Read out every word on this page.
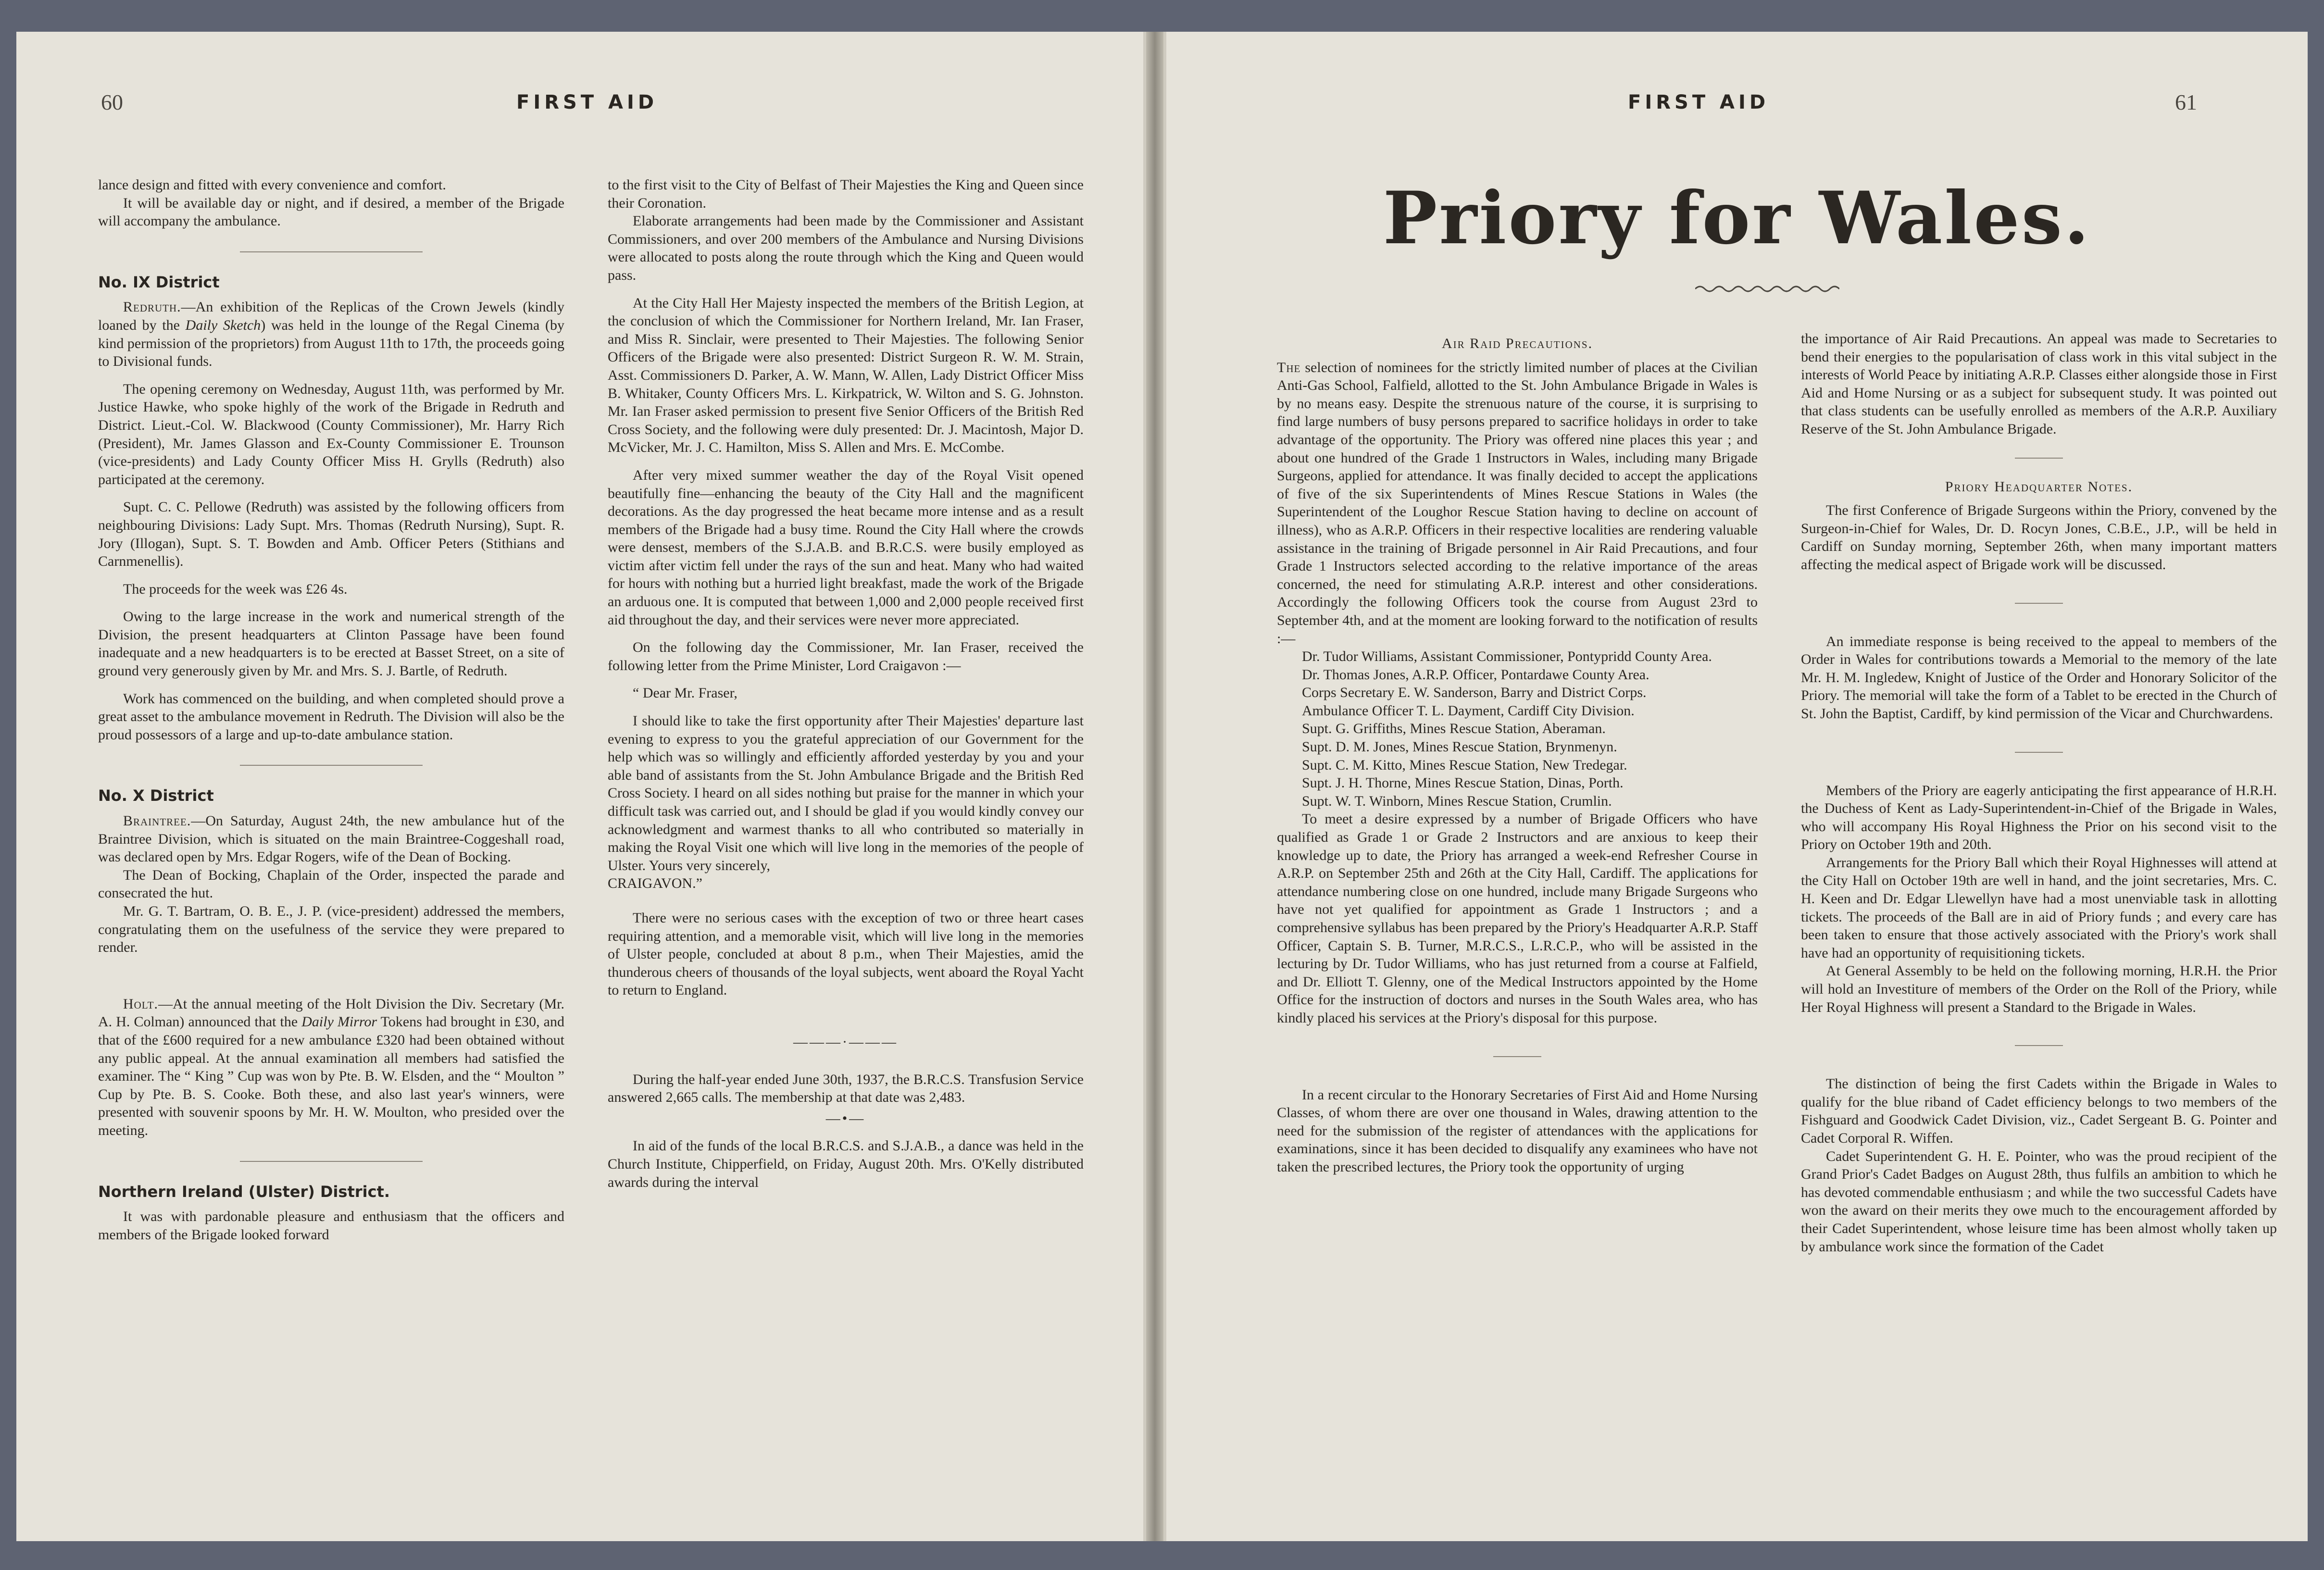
60	FIRST AID

lance design and fitted with every convenience and comfort.

It will be available day or night, and if desired, a member of the Brigade will accompany the ambulance.

No. IX District

Redruth.—An exhibition of the Replicas of the Crown Jewels (kindly loaned by the Daily Sketch) was held in the lounge of the Regal Cinema (by kind permission of the proprietors) from August 11th to 17th, the proceeds going to Divisional funds.

The opening ceremony on Wednesday, August 11th, was performed by Mr. Justice Hawke, who spoke highly of the work of the Brigade in Redruth and District. Lieut.-Col. W. Blackwood (County Commissioner), Mr. Harry Rich (President), Mr. James Glasson and Ex-County Commissioner E. Trounson (vice-presidents) and Lady County Officer Miss H. Grylls (Redruth) also participated at the ceremony.

Supt. C. C. Pellowe (Redruth) was assisted by the following officers from neighbouring Divisions: Lady Supt. Mrs. Thomas (Redruth Nursing), Supt. R. Jory (Illogan), Supt. S. T. Bowden and Amb. Officer Peters (Stithians and Carnmenellis).

The proceeds for the week was £26 4s.

Owing to the large increase in the work and numerical strength of the Division, the present headquarters at Clinton Passage have been found inadequate and a new headquarters is to be erected at Basset Street, on a site of ground very generously given by Mr. and Mrs. S. J. Bartle, of Redruth.

Work has commenced on the building, and when completed should prove a great asset to the ambulance movement in Redruth. The Division will also be the proud possessors of a large and up-to-date ambulance station.

No. X District

Braintree.—On Saturday, August 24th, the new ambulance hut of the Braintree Division, which is situated on the main Braintree-Coggeshall road, was declared open by Mrs. Edgar Rogers, wife of the Dean of Bocking.

The Dean of Bocking, Chaplain of the Order, inspected the parade and consecrated the hut.

Mr. G. T. Bartram, O. B. E., J. P. (vice-president) addressed the members, congratulating them on the usefulness of the service they were prepared to render.

Holt.—At the annual meeting of the Holt Division the Div. Secretary (Mr. A. H. Colman) announced that the Daily Mirror Tokens had brought in £30, and that of the £600 required for a new ambulance £320 had been obtained without any public appeal. At the annual examination all members had satisfied the examiner. The “ King ” Cup was won by Pte. B. W. Elsden, and the “ Moulton ” Cup by Pte. B. S. Cooke. Both these, and also last year's winners, were presented with souvenir spoons by Mr. H. W. Moulton, who presided over the meeting.

Northern Ireland (Ulster) District.

It was with pardonable pleasure and enthusiasm that the officers and members of the Brigade looked forward

to the first visit to the City of Belfast of Their Majesties the King and Queen since their Coronation.

Elaborate arrangements had been made by the Commissioner and Assistant Commissioners, and over 200 members of the Ambulance and Nursing Divisions were allocated to posts along the route through which the King and Queen would pass.

At the City Hall Her Majesty inspected the members of the British Legion, at the conclusion of which the Commissioner for Northern Ireland, Mr. Ian Fraser, and Miss R. Sinclair, were presented to Their Majesties. The following Senior Officers of the Brigade were also presented: District Surgeon R. W. M. Strain, Asst. Commissioners D. Parker, A. W. Mann, W. Allen, Lady District Officer Miss B. Whitaker, County Officers Mrs. L. Kirkpatrick, W. Wilton and S. G. Johnston. Mr. Ian Fraser asked permission to present five Senior Officers of the British Red Cross Society, and the following were duly presented: Dr. J. Macintosh, Major D. McVicker, Mr. J. C. Hamilton, Miss S. Allen and Mrs. E. McCombe.

After very mixed summer weather the day of the Royal Visit opened beautifully fine—enhancing the beauty of the City Hall and the magnificent decorations. As the day progressed the heat became more intense and as a result members of the Brigade had a busy time. Round the City Hall where the crowds were densest, members of the S.J.A.B. and B.R.C.S. were busily employed as victim after victim fell under the rays of the sun and heat. Many who had waited for hours with nothing but a hurried light breakfast, made the work of the Brigade an arduous one. It is computed that between 1,000 and 2,000 people received first aid throughout the day, and their services were never more appreciated.

On the following day the Commissioner, Mr. Ian Fraser, received the following letter from the Prime Minister, Lord Craigavon :—

“ Dear Mr. Fraser,

I should like to take the first opportunity after Their Majesties' departure last evening to express to you the grateful appreciation of our Government for the help which was so willingly and efficiently afforded yesterday by you and your able band of assistants from the St. John Ambulance Brigade and the British Red Cross Society. I heard on all sides nothing but praise for the manner in which your difficult task was carried out, and I should be glad if you would kindly convey our acknowledgment and warmest thanks to all who contributed so materially in making the Royal Visit one which will live long in the memories of the people of Ulster. Yours very sincerely,

CRAIGAVON.”

There were no serious cases with the exception of two or three heart cases requiring attention, and a memorable visit, which will live long in the memories of Ulster people, concluded at about 8 p.m., when Their Majesties, amid the thunderous cheers of thousands of the loyal subjects, went aboard the Royal Yacht to return to England.

———·———

During the half-year ended June 30th, 1937, the B.R.C.S. Transfusion Service answered 2,665 calls. The membership at that date was 2,483.

—•—

In aid of the funds of the local B.R.C.S. and S.J.A.B., a dance was held in the Church Institute, Chipperfield, on Friday, August 20th. Mrs. O'Kelly distributed awards during the interval

FIRST AID	61
Priory for Wales.
Air Raid Precautions.

The selection of nominees for the strictly limited number of places at the Civilian Anti-Gas School, Falfield, allotted to the St. John Ambulance Brigade in Wales is by no means easy. Despite the strenuous nature of the course, it is surprising to find large numbers of busy persons prepared to sacrifice holidays in order to take advantage of the opportunity. The Priory was offered nine places this year ; and about one hundred of the Grade 1 Instructors in Wales, including many Brigade Surgeons, applied for attendance. It was finally decided to accept the applications of five of the six Superintendents of Mines Rescue Stations in Wales (the Superintendent of the Loughor Rescue Station having to decline on account of illness), who as A.R.P. Officers in their respective localities are rendering valuable assistance in the training of Brigade personnel in Air Raid Precautions, and four Grade 1 Instructors selected according to the relative importance of the areas concerned, the need for stimulating A.R.P. interest and other considerations. Accordingly the following Officers took the course from August 23rd to September 4th, and at the moment are looking forward to the notification of results :—

Dr. Tudor Williams, Assistant Commissioner, Pontypridd County Area.

Dr. Thomas Jones, A.R.P. Officer, Pontardawe County Area.

Corps Secretary E. W. Sanderson, Barry and District Corps.

Ambulance Officer T. L. Dayment, Cardiff City Division.

Supt. G. Griffiths, Mines Rescue Station, Aberaman.

Supt. D. M. Jones, Mines Rescue Station, Brynmenyn.

Supt. C. M. Kitto, Mines Rescue Station, New Tredegar.

Supt. J. H. Thorne, Mines Rescue Station, Dinas, Porth.

Supt. W. T. Winborn, Mines Rescue Station, Crumlin.

To meet a desire expressed by a number of Brigade Officers who have qualified as Grade 1 or Grade 2 Instructors and are anxious to keep their knowledge up to date, the Priory has arranged a week-end Refresher Course in A.R.P. on September 25th and 26th at the City Hall, Cardiff. The applications for attendance numbering close on one hundred, include many Brigade Surgeons who have not yet qualified for appointment as Grade 1 Instructors ; and a comprehensive syllabus has been prepared by the Priory's Headquarter A.R.P. Staff Officer, Captain S. B. Turner, M.R.C.S., L.R.C.P., who will be assisted in the lecturing by Dr. Tudor Williams, who has just returned from a course at Falfield, and Dr. Elliott T. Glenny, one of the Medical Instructors appointed by the Home Office for the instruction of doctors and nurses in the South Wales area, who has kindly placed his services at the Priory's disposal for this purpose.

In a recent circular to the Honorary Secretaries of First Aid and Home Nursing Classes, of whom there are over one thousand in Wales, drawing attention to the need for the submission of the register of attendances with the applications for examinations, since it has been decided to disqualify any examinees who have not taken the prescribed lectures, the Priory took the opportunity of urging

the importance of Air Raid Precautions. An appeal was made to Secretaries to bend their energies to the popularisation of class work in this vital subject in the interests of World Peace by initiating A.R.P. Classes either alongside those in First Aid and Home Nursing or as a subject for subsequent study. It was pointed out that class students can be usefully enrolled as members of the A.R.P. Auxiliary Reserve of the St. John Ambulance Brigade.

Priory Headquarter Notes.

The first Conference of Brigade Surgeons within the Priory, convened by the Surgeon-in-Chief for Wales, Dr. D. Rocyn Jones, C.B.E., J.P., will be held in Cardiff on Sunday morning, September 26th, when many important matters affecting the medical aspect of Brigade work will be discussed.

An immediate response is being received to the appeal to members of the Order in Wales for contributions towards a Memorial to the memory of the late Mr. H. M. Ingledew, Knight of Justice of the Order and Honorary Solicitor of the Priory. The memorial will take the form of a Tablet to be erected in the Church of St. John the Baptist, Cardiff, by kind permission of the Vicar and Churchwardens.

Members of the Priory are eagerly anticipating the first appearance of H.R.H. the Duchess of Kent as Lady-Superintendent-in-Chief of the Brigade in Wales, who will accompany His Royal Highness the Prior on his second visit to the Priory on October 19th and 20th.

Arrangements for the Priory Ball which their Royal Highnesses will attend at the City Hall on October 19th are well in hand, and the joint secretaries, Mrs. C. H. Keen and Dr. Edgar Llewellyn have had a most unenviable task in allotting tickets. The proceeds of the Ball are in aid of Priory funds ; and every care has been taken to ensure that those actively associated with the Priory's work shall have had an opportunity of requisitioning tickets.

At General Assembly to be held on the following morning, H.R.H. the Prior will hold an Investiture of members of the Order on the Roll of the Priory, while Her Royal Highness will present a Standard to the Brigade in Wales.

The distinction of being the first Cadets within the Brigade in Wales to qualify for the blue riband of Cadet efficiency belongs to two members of the Fishguard and Goodwick Cadet Division, viz., Cadet Sergeant B. G. Pointer and Cadet Corporal R. Wiffen.

Cadet Superintendent G. H. E. Pointer, who was the proud recipient of the Grand Prior's Cadet Badges on August 28th, thus fulfils an ambition to which he has devoted commendable enthusiasm ; and while the two successful Cadets have won the award on their merits they owe much to the encouragement afforded by their Cadet Superintendent, whose leisure time has been almost wholly taken up by ambulance work since the formation of the Cadet
